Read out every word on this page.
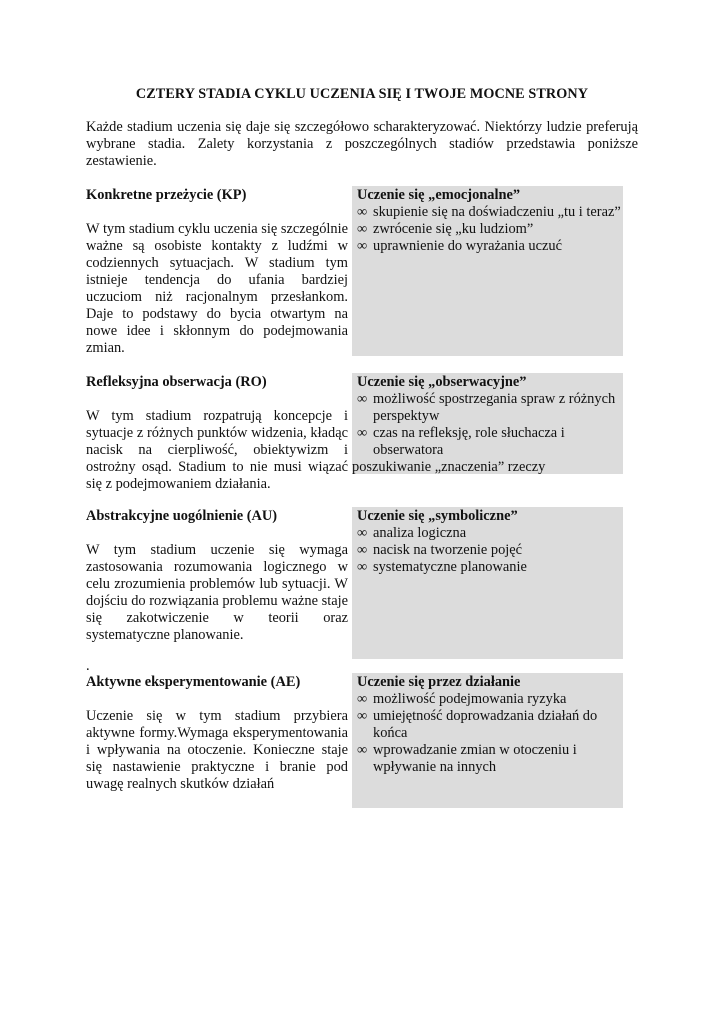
CZTERY STADIA CYKLU UCZENIA SIĘ I TWOJE MOCNE STRONY
Każde stadium uczenia się daje się szczegółowo scharakteryzować. Niektórzy ludzie preferują wybrane stadia. Zalety korzystania z poszczególnych stadiów przedstawia poniższe zestawienie.
Konkretne przeżycie (KP)
W tym stadium cyklu uczenia się szczególnie ważne są osobiste kontakty z ludźmi w codziennych sytuacjach. W stadium tym istnieje tendencja do ufania bardziej uczuciom niż racjonalnym przesłankom. Daje to podstawy do bycia otwartym na nowe idee i skłonnym do podejmowania zmian.
Uczenie się „emocjonalne”
∞ skupienie się na doświadczeniu „tu i teraz”
∞ zwrócenie się „ku ludziom”
∞ uprawnienie do wyrażania uczuć
Refleksyjna obserwacja (RO)
W tym stadium rozpatrują koncepcje i sytuacje z różnych punktów widzenia, kładąc nacisk na cierpliwość, obiektywizm i ostrożny osąd. Stadium to nie musi wiązać się z podejmowaniem działania.
Uczenie się „obserwacyjne”
∞ możliwość spostrzegania spraw z różnych perspektyw
∞ czas na refleksję, role słuchacza i obserwatora
poszukiwanie „znaczenia” rzeczy
Abstrakcyjne uogólnienie (AU)
W tym stadium uczenie się wymaga zastosowania rozumowania logicznego w celu zrozumienia problemów lub sytuacji. W dojściu do rozwiązania problemu ważne staje się zakotwiczenie w teorii oraz systematyczne planowanie.
Uczenie się „symboliczne”
∞ analiza logiczna
∞ nacisk na tworzenie pojęć
∞ systematyczne planowanie
.
Aktywne eksperymentowanie (AE)
Uczenie się w tym stadium przybiera aktywne formy.Wymaga eksperymentowania i wpływania na otoczenie. Konieczne staje się nastawienie praktyczne i branie pod uwagę realnych skutków działań
Uczenie się przez działanie
∞ możliwość podejmowania ryzyka
∞ umiejętność doprowadzania działań do końca
∞ wprowadzanie zmian w otoczeniu i wpływanie na innych
